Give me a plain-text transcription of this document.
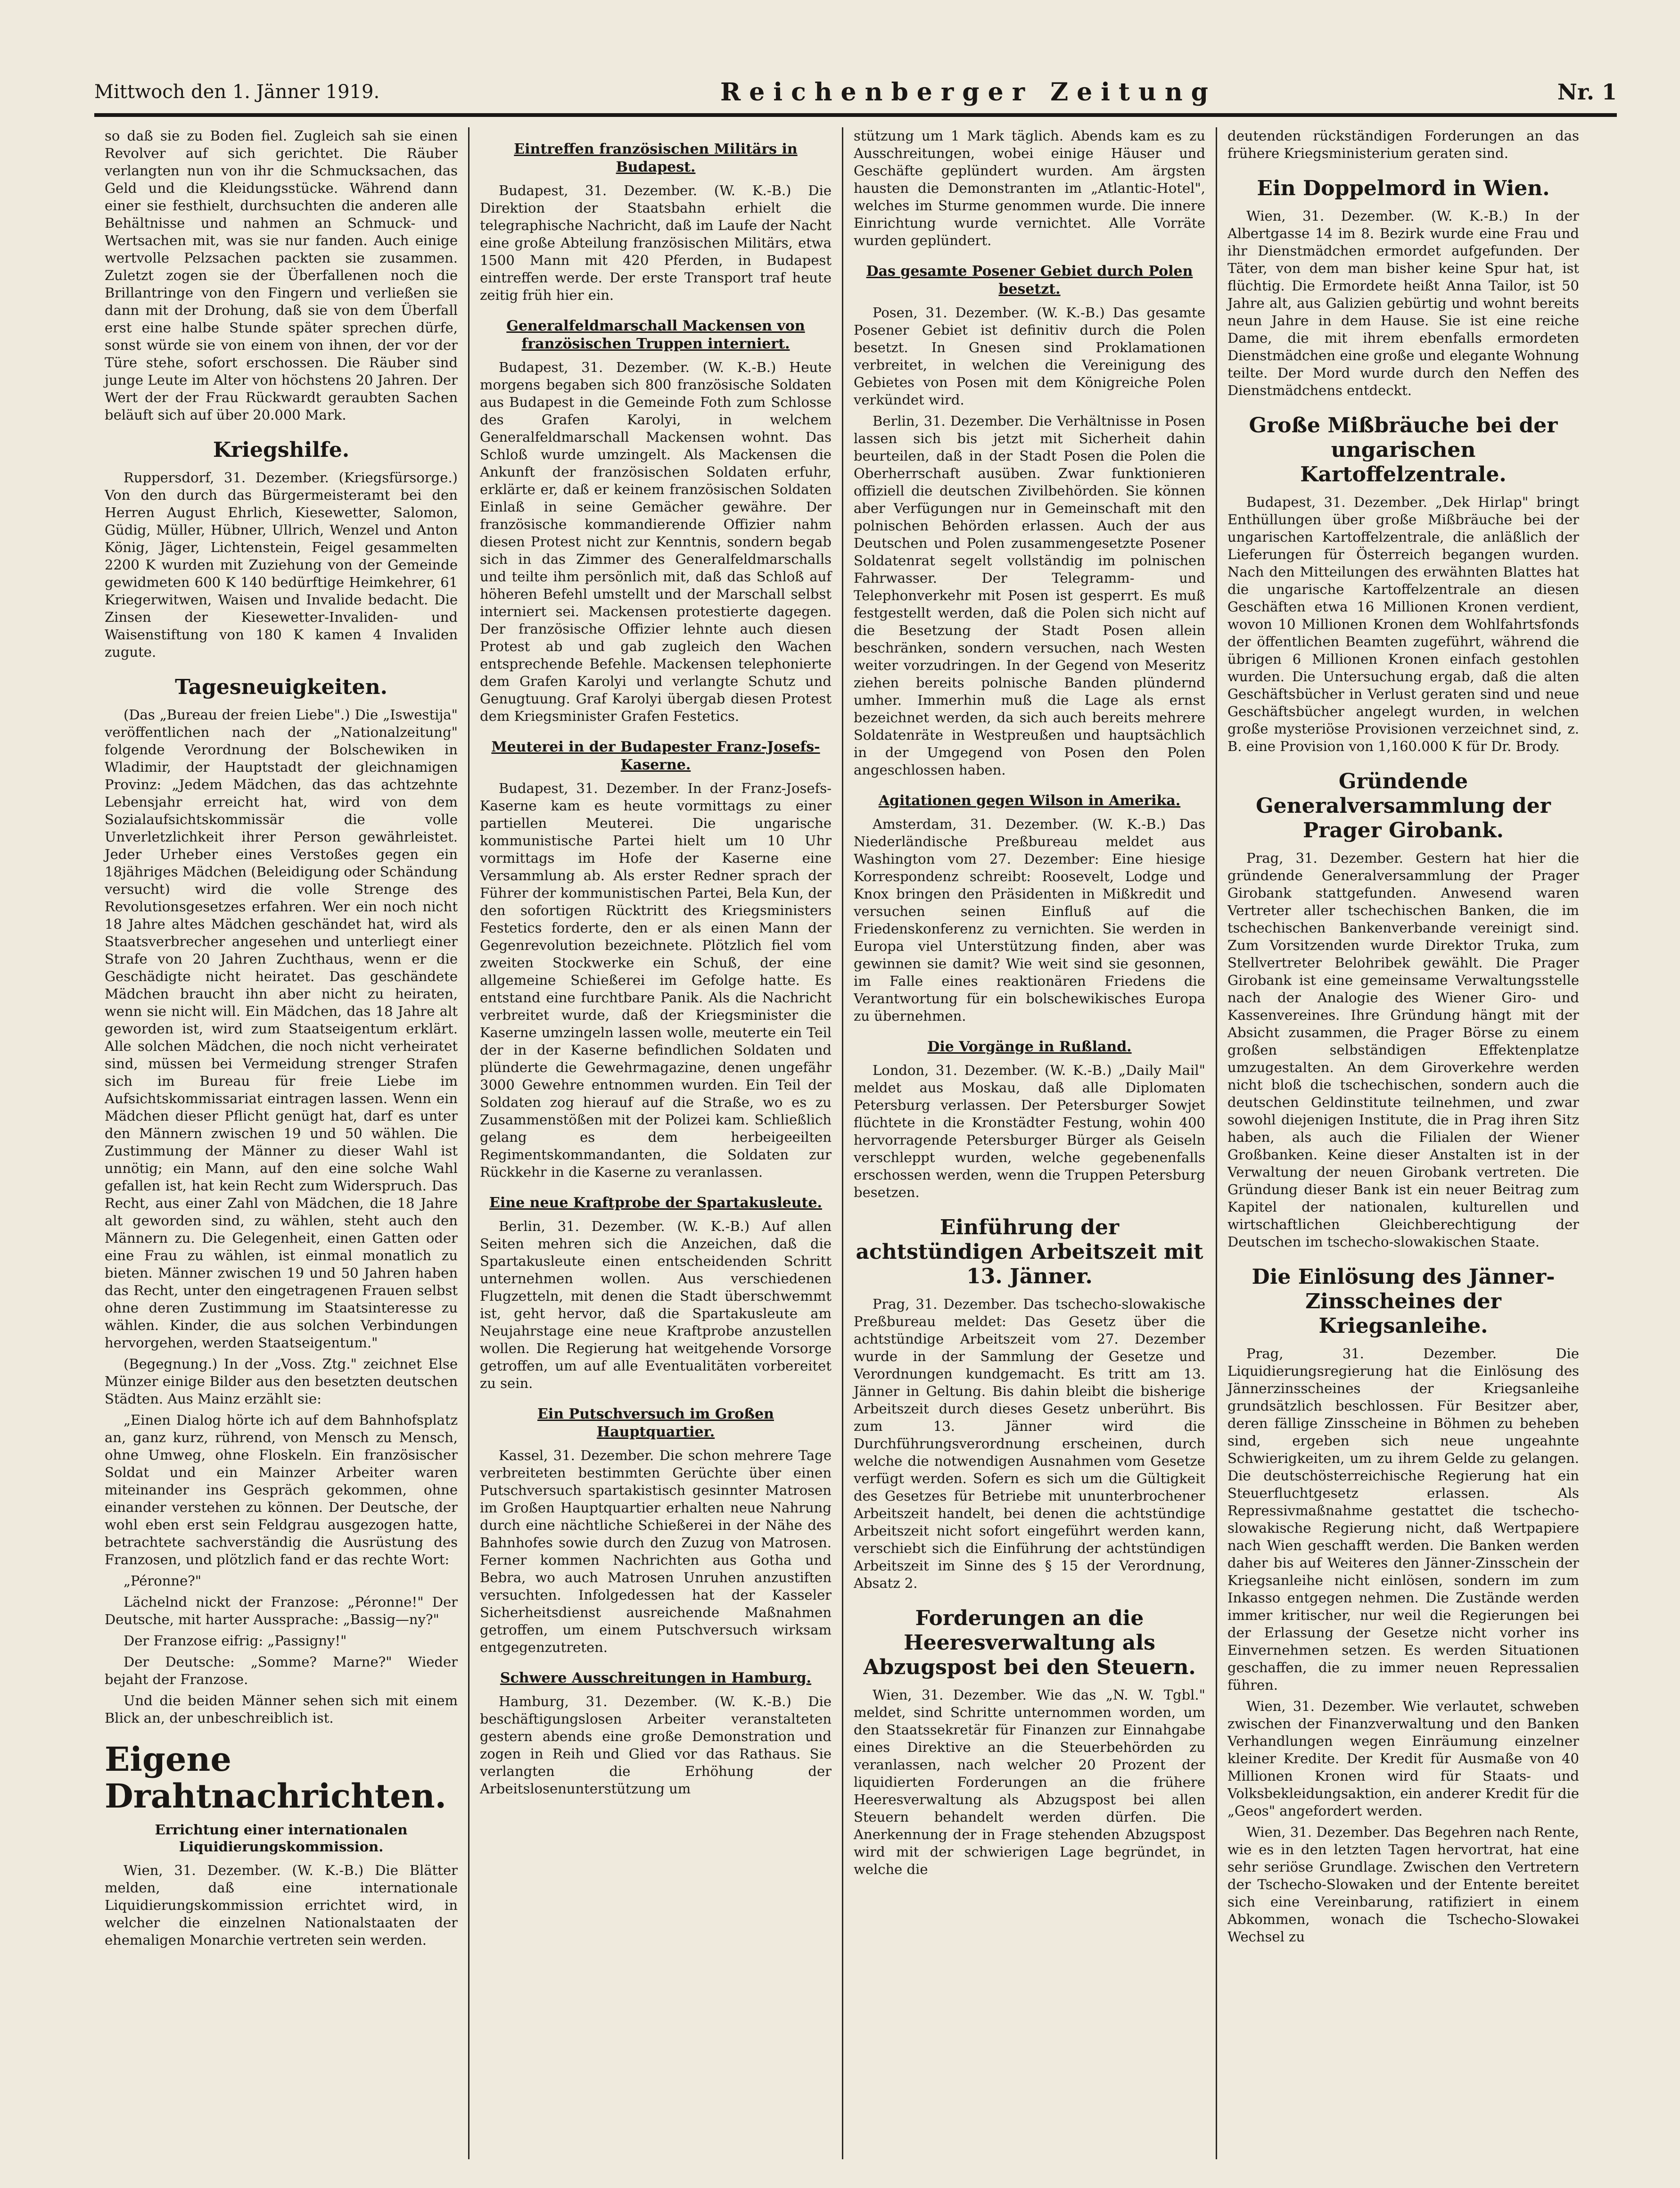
Mittwoch den 1. Jänner 1919.	Reichenberger Zeitung	Nr. 1

so daß sie zu Boden fiel. Zugleich sah sie einen Revolver auf sich gerichtet. Die Räuber verlangten nun von ihr die Schmucksachen, das Geld und die Kleidungsstücke. Während dann einer sie festhielt, durchsuchten die anderen alle Behältnisse und nahmen an Schmuck- und Wertsachen mit, was sie nur fanden. Auch einige wertvolle Pelzsachen packten sie zusammen. Zuletzt zogen sie der Überfallenen noch die Brillantringe von den Fingern und verließen sie dann mit der Drohung, daß sie von dem Überfall erst eine halbe Stunde später sprechen dürfe, sonst würde sie von einem von ihnen, der vor der Türe stehe, sofort erschossen. Die Räuber sind junge Leute im Alter von höchstens 20 Jahren. Der Wert der der Frau Rückwardt geraubten Sachen beläuft sich auf über 20.000 Mark.

Kriegshilfe.

Ruppersdorf, 31. Dezember. (Kriegsfürsorge.) Von den durch das Bürgermeisteramt bei den Herren August Ehrlich, Kiesewetter, Salomon, Güdig, Müller, Hübner, Ullrich, Wenzel und Anton König, Jäger, Lichtenstein, Feigel gesammelten 2200 K wurden mit Zuziehung von der Gemeinde gewidmeten 600 K 140 bedürftige Heimkehrer, 61 Kriegerwitwen, Waisen und Invalide bedacht. Die Zinsen der Kiesewetter-Invaliden- und Waisenstiftung von 180 K kamen 4 Invaliden zugute.

Tagesneuigkeiten.

(Das „Bureau der freien Liebe".) Die „Iswestija" veröffentlichen nach der „Nationalzeitung" folgende Verordnung der Bolschewiken in Wladimir, der Hauptstadt der gleichnamigen Provinz: „Jedem Mädchen, das das achtzehnte Lebensjahr erreicht hat, wird von dem Sozialaufsichtskommissär die volle Unverletzlichkeit ihrer Person gewährleistet. Jeder Urheber eines Verstoßes gegen ein 18jähriges Mädchen (Beleidigung oder Schändung versucht) wird die volle Strenge des Revolutionsgesetzes erfahren. Wer ein noch nicht 18 Jahre altes Mädchen geschändet hat, wird als Staatsverbrecher angesehen und unterliegt einer Strafe von 20 Jahren Zuchthaus, wenn er die Geschädigte nicht heiratet. Das geschändete Mädchen braucht ihn aber nicht zu heiraten, wenn sie nicht will. Ein Mädchen, das 18 Jahre alt geworden ist, wird zum Staatseigentum erklärt. Alle solchen Mädchen, die noch nicht verheiratet sind, müssen bei Vermeidung strenger Strafen sich im Bureau für freie Liebe im Aufsichtskommissariat eintragen lassen. Wenn ein Mädchen dieser Pflicht genügt hat, darf es unter den Männern zwischen 19 und 50 wählen. Die Zustimmung der Männer zu dieser Wahl ist unnötig; ein Mann, auf den eine solche Wahl gefallen ist, hat kein Recht zum Widerspruch. Das Recht, aus einer Zahl von Mädchen, die 18 Jahre alt geworden sind, zu wählen, steht auch den Männern zu. Die Gelegenheit, einen Gatten oder eine Frau zu wählen, ist einmal monatlich zu bieten. Männer zwischen 19 und 50 Jahren haben das Recht, unter den eingetragenen Frauen selbst ohne deren Zustimmung im Staatsinteresse zu wählen. Kinder, die aus solchen Verbindungen hervorgehen, werden Staatseigentum."

(Begegnung.) In der „Voss. Ztg." zeichnet Else Münzer einige Bilder aus den besetzten deutschen Städten. Aus Mainz erzählt sie:

„Einen Dialog hörte ich auf dem Bahnhofsplatz an, ganz kurz, rührend, von Mensch zu Mensch, ohne Umweg, ohne Floskeln. Ein französischer Soldat und ein Mainzer Arbeiter waren miteinander ins Gespräch gekommen, ohne einander verstehen zu können. Der Deutsche, der wohl eben erst sein Feldgrau ausgezogen hatte, betrachtete sachverständig die Ausrüstung des Franzosen, und plötzlich fand er das rechte Wort:

„Péronne?"

Lächelnd nickt der Franzose: „Péronne!" Der Deutsche, mit harter Aussprache: „Bassig—ny?"

Der Franzose eifrig: „Passigny!"

Der Deutsche: „Somme? Marne?" Wieder bejaht der Franzose.

Und die beiden Männer sehen sich mit einem Blick an, der unbeschreiblich ist.

Eigene Drahtnachrichten.
Errichtung einer internationalen Liquidierungskommission.

Wien, 31. Dezember. (W. K.-B.) Die Blätter melden, daß eine internationale Liquidierungskommission errichtet wird, in welcher die einzelnen Nationalstaaten der ehemaligen Monarchie vertreten sein werden.

Eintreffen französischen Militärs in Budapest.

Budapest, 31. Dezember. (W. K.-B.) Die Direktion der Staatsbahn erhielt die telegraphische Nachricht, daß im Laufe der Nacht eine große Abteilung französischen Militärs, etwa 1500 Mann mit 420 Pferden, in Budapest eintreffen werde. Der erste Transport traf heute zeitig früh hier ein.

Generalfeldmarschall Mackensen von französischen Truppen interniert.

Budapest, 31. Dezember. (W. K.-B.) Heute morgens begaben sich 800 französische Soldaten aus Budapest in die Gemeinde Foth zum Schlosse des Grafen Karolyi, in welchem Generalfeldmarschall Mackensen wohnt. Das Schloß wurde umzingelt. Als Mackensen die Ankunft der französischen Soldaten erfuhr, erklärte er, daß er keinem französischen Soldaten Einlaß in seine Gemächer gewähre. Der französische kommandierende Offizier nahm diesen Protest nicht zur Kenntnis, sondern begab sich in das Zimmer des Generalfeldmarschalls und teilte ihm persönlich mit, daß das Schloß auf höheren Befehl umstellt und der Marschall selbst interniert sei. Mackensen protestierte dagegen. Der französische Offizier lehnte auch diesen Protest ab und gab zugleich den Wachen entsprechende Befehle. Mackensen telephonierte dem Grafen Karolyi und verlangte Schutz und Genugtuung. Graf Karolyi übergab diesen Protest dem Kriegsminister Grafen Festetics.

Meuterei in der Budapester Franz-Josefs-Kaserne.

Budapest, 31. Dezember. In der Franz-Josefs-Kaserne kam es heute vormittags zu einer partiellen Meuterei. Die ungarische kommunistische Partei hielt um 10 Uhr vormittags im Hofe der Kaserne eine Versammlung ab. Als erster Redner sprach der Führer der kommunistischen Partei, Bela Kun, der den sofortigen Rücktritt des Kriegsministers Festetics forderte, den er als einen Mann der Gegenrevolution bezeichnete. Plötzlich fiel vom zweiten Stockwerke ein Schuß, der eine allgemeine Schießerei im Gefolge hatte. Es entstand eine furchtbare Panik. Als die Nachricht verbreitet wurde, daß der Kriegsminister die Kaserne umzingeln lassen wolle, meuterte ein Teil der in der Kaserne befindlichen Soldaten und plünderte die Gewehrmagazine, denen ungefähr 3000 Gewehre entnommen wurden. Ein Teil der Soldaten zog hierauf auf die Straße, wo es zu Zusammenstößen mit der Polizei kam. Schließlich gelang es dem herbeigeeilten Regimentskommandanten, die Soldaten zur Rückkehr in die Kaserne zu veranlassen.

Eine neue Kraftprobe der Spartakusleute.

Berlin, 31. Dezember. (W. K.-B.) Auf allen Seiten mehren sich die Anzeichen, daß die Spartakusleute einen entscheidenden Schritt unternehmen wollen. Aus verschiedenen Flugzetteln, mit denen die Stadt überschwemmt ist, geht hervor, daß die Spartakusleute am Neujahrstage eine neue Kraftprobe anzustellen wollen. Die Regierung hat weitgehende Vorsorge getroffen, um auf alle Eventualitäten vorbereitet zu sein.

Ein Putschversuch im Großen Hauptquartier.

Kassel, 31. Dezember. Die schon mehrere Tage verbreiteten bestimmten Gerüchte über einen Putschversuch spartakistisch gesinnter Matrosen im Großen Hauptquartier erhalten neue Nahrung durch eine nächtliche Schießerei in der Nähe des Bahnhofes sowie durch den Zuzug von Matrosen. Ferner kommen Nachrichten aus Gotha und Bebra, wo auch Matrosen Unruhen anzustiften versuchten. Infolgedessen hat der Kasseler Sicherheitsdienst ausreichende Maßnahmen getroffen, um einem Putschversuch wirksam entgegenzutreten.

Schwere Ausschreitungen in Hamburg.

Hamburg, 31. Dezember. (W. K.-B.) Die beschäftigungslosen Arbeiter veranstalteten gestern abends eine große Demonstration und zogen in Reih und Glied vor das Rathaus. Sie verlangten die Erhöhung der Arbeitslosenunterstützung um

stützung um 1 Mark täglich. Abends kam es zu Ausschreitungen, wobei einige Häuser und Geschäfte geplündert wurden. Am ärgsten hausten die Demonstranten im „Atlantic-Hotel", welches im Sturme genommen wurde. Die innere Einrichtung wurde vernichtet. Alle Vorräte wurden geplündert.

Das gesamte Posener Gebiet durch Polen besetzt.

Posen, 31. Dezember. (W. K.-B.) Das gesamte Posener Gebiet ist definitiv durch die Polen besetzt. In Gnesen sind Proklamationen verbreitet, in welchen die Vereinigung des Gebietes von Posen mit dem Königreiche Polen verkündet wird.

Berlin, 31. Dezember. Die Verhältnisse in Posen lassen sich bis jetzt mit Sicherheit dahin beurteilen, daß in der Stadt Posen die Polen die Oberherrschaft ausüben. Zwar funktionieren offiziell die deutschen Zivilbehörden. Sie können aber Verfügungen nur in Gemeinschaft mit den polnischen Behörden erlassen. Auch der aus Deutschen und Polen zusammengesetzte Posener Soldatenrat segelt vollständig im polnischen Fahrwasser. Der Telegramm- und Telephonverkehr mit Posen ist gesperrt. Es muß festgestellt werden, daß die Polen sich nicht auf die Besetzung der Stadt Posen allein beschränken, sondern versuchen, nach Westen weiter vorzudringen. In der Gegend von Meseritz ziehen bereits polnische Banden plündernd umher. Immerhin muß die Lage als ernst bezeichnet werden, da sich auch bereits mehrere Soldatenräte in Westpreußen und hauptsächlich in der Umgegend von Posen den Polen angeschlossen haben.

Agitationen gegen Wilson in Amerika.

Amsterdam, 31. Dezember. (W. K.-B.) Das Niederländische Preßbureau meldet aus Washington vom 27. Dezember: Eine hiesige Korrespondenz schreibt: Roosevelt, Lodge und Knox bringen den Präsidenten in Mißkredit und versuchen seinen Einfluß auf die Friedenskonferenz zu vernichten. Sie werden in Europa viel Unterstützung finden, aber was gewinnen sie damit? Wie weit sind sie gesonnen, im Falle eines reaktionären Friedens die Verantwortung für ein bolschewikisches Europa zu übernehmen.

Die Vorgänge in Rußland.

London, 31. Dezember. (W. K.-B.) „Daily Mail" meldet aus Moskau, daß alle Diplomaten Petersburg verlassen. Der Petersburger Sowjet flüchtete in die Kronstädter Festung, wohin 400 hervorragende Petersburger Bürger als Geiseln verschleppt wurden, welche gegebenenfalls erschossen werden, wenn die Truppen Petersburg besetzen.

Einführung der achtstündigen Arbeitszeit mit 13. Jänner.

Prag, 31. Dezember. Das tschecho-slowakische Preßbureau meldet: Das Gesetz über die achtstündige Arbeitszeit vom 27. Dezember wurde in der Sammlung der Gesetze und Verordnungen kundgemacht. Es tritt am 13. Jänner in Geltung. Bis dahin bleibt die bisherige Arbeitszeit durch dieses Gesetz unberührt. Bis zum 13. Jänner wird die Durchführungsverordnung erscheinen, durch welche die notwendigen Ausnahmen vom Gesetze verfügt werden. Sofern es sich um die Gültigkeit des Gesetzes für Betriebe mit ununterbrochener Arbeitszeit handelt, bei denen die achtstündige Arbeitszeit nicht sofort eingeführt werden kann, verschiebt sich die Einführung der achtstündigen Arbeitszeit im Sinne des § 15 der Verordnung, Absatz 2.

Forderungen an die Heeresverwaltung als Abzugspost bei den Steuern.

Wien, 31. Dezember. Wie das „N. W. Tgbl." meldet, sind Schritte unternommen worden, um den Staatssekretär für Finanzen zur Einnahgabe eines Direktive an die Steuerbehörden zu veranlassen, nach welcher 20 Prozent der liquidierten Forderungen an die frühere Heeresverwaltung als Abzugspost bei allen Steuern behandelt werden dürfen. Die Anerkennung der in Frage stehenden Abzugspost wird mit der schwierigen Lage begründet, in welche die

deutenden rückständigen Forderungen an das frühere Kriegsministerium geraten sind.

Ein Doppelmord in Wien.

Wien, 31. Dezember. (W. K.-B.) In der Albertgasse 14 im 8. Bezirk wurde eine Frau und ihr Dienstmädchen ermordet aufgefunden. Der Täter, von dem man bisher keine Spur hat, ist flüchtig. Die Ermordete heißt Anna Tailor, ist 50 Jahre alt, aus Galizien gebürtig und wohnt bereits neun Jahre in dem Hause. Sie ist eine reiche Dame, die mit ihrem ebenfalls ermordeten Dienstmädchen eine große und elegante Wohnung teilte. Der Mord wurde durch den Neffen des Dienstmädchens entdeckt.

Große Mißbräuche bei der ungarischen Kartoffelzentrale.

Budapest, 31. Dezember. „Dek Hirlap" bringt Enthüllungen über große Mißbräuche bei der ungarischen Kartoffelzentrale, die anläßlich der Lieferungen für Österreich begangen wurden. Nach den Mitteilungen des erwähnten Blattes hat die ungarische Kartoffelzentrale an diesen Geschäften etwa 16 Millionen Kronen verdient, wovon 10 Millionen Kronen dem Wohlfahrtsfonds der öffentlichen Beamten zugeführt, während die übrigen 6 Millionen Kronen einfach gestohlen wurden. Die Untersuchung ergab, daß die alten Geschäftsbücher in Verlust geraten sind und neue Geschäftsbücher angelegt wurden, in welchen große mysteriöse Provisionen verzeichnet sind, z. B. eine Provision von 1,160.000 K für Dr. Brody.

Gründende Generalversammlung der Prager Girobank.

Prag, 31. Dezember. Gestern hat hier die gründende Generalversammlung der Prager Girobank stattgefunden. Anwesend waren Vertreter aller tschechischen Banken, die im tschechischen Bankenverbande vereinigt sind. Zum Vorsitzenden wurde Direktor Truka, zum Stellvertreter Belohribek gewählt. Die Prager Girobank ist eine gemeinsame Verwaltungsstelle nach der Analogie des Wiener Giro- und Kassenvereines. Ihre Gründung hängt mit der Absicht zusammen, die Prager Börse zu einem großen selbständigen Effektenplatze umzugestalten. An dem Giroverkehre werden nicht bloß die tschechischen, sondern auch die deutschen Geldinstitute teilnehmen, und zwar sowohl diejenigen Institute, die in Prag ihren Sitz haben, als auch die Filialen der Wiener Großbanken. Keine dieser Anstalten ist in der Verwaltung der neuen Girobank vertreten. Die Gründung dieser Bank ist ein neuer Beitrag zum Kapitel der nationalen, kulturellen und wirtschaftlichen Gleichberechtigung der Deutschen im tschecho-slowakischen Staate.

Die Einlösung des Jänner-Zinsscheines der Kriegsanleihe.

Prag, 31. Dezember. Die Liquidierungsregierung hat die Einlösung des Jännerzinsscheines der Kriegsanleihe grundsätzlich beschlossen. Für Besitzer aber, deren fällige Zinsscheine in Böhmen zu beheben sind, ergeben sich neue ungeahnte Schwierigkeiten, um zu ihrem Gelde zu gelangen. Die deutschösterreichische Regierung hat ein Steuerfluchtgesetz erlassen. Als Repressivmaßnahme gestattet die tschecho-slowakische Regierung nicht, daß Wertpapiere nach Wien geschafft werden. Die Banken werden daher bis auf Weiteres den Jänner-Zinsschein der Kriegsanleihe nicht einlösen, sondern im zum Inkasso entgegen nehmen. Die Zustände werden immer kritischer, nur weil die Regierungen bei der Erlassung der Gesetze nicht vorher ins Einvernehmen setzen. Es werden Situationen geschaffen, die zu immer neuen Repressalien führen.

Wien, 31. Dezember. Wie verlautet, schweben zwischen der Finanzverwaltung und den Banken Verhandlungen wegen Einräumung einzelner kleiner Kredite. Der Kredit für Ausmaße von 40 Millionen Kronen wird für Staats- und Volksbekleidungsaktion, ein anderer Kredit für die „Geos" angefordert werden.

Wien, 31. Dezember. Das Begehren nach Rente, wie es in den letzten Tagen hervortrat, hat eine sehr seriöse Grundlage. Zwischen den Vertretern der Tschecho-Slowaken und der Entente bereitet sich eine Vereinbarung, ratifiziert in einem Abkommen, wonach die Tschecho-Slowakei Wechsel zu
